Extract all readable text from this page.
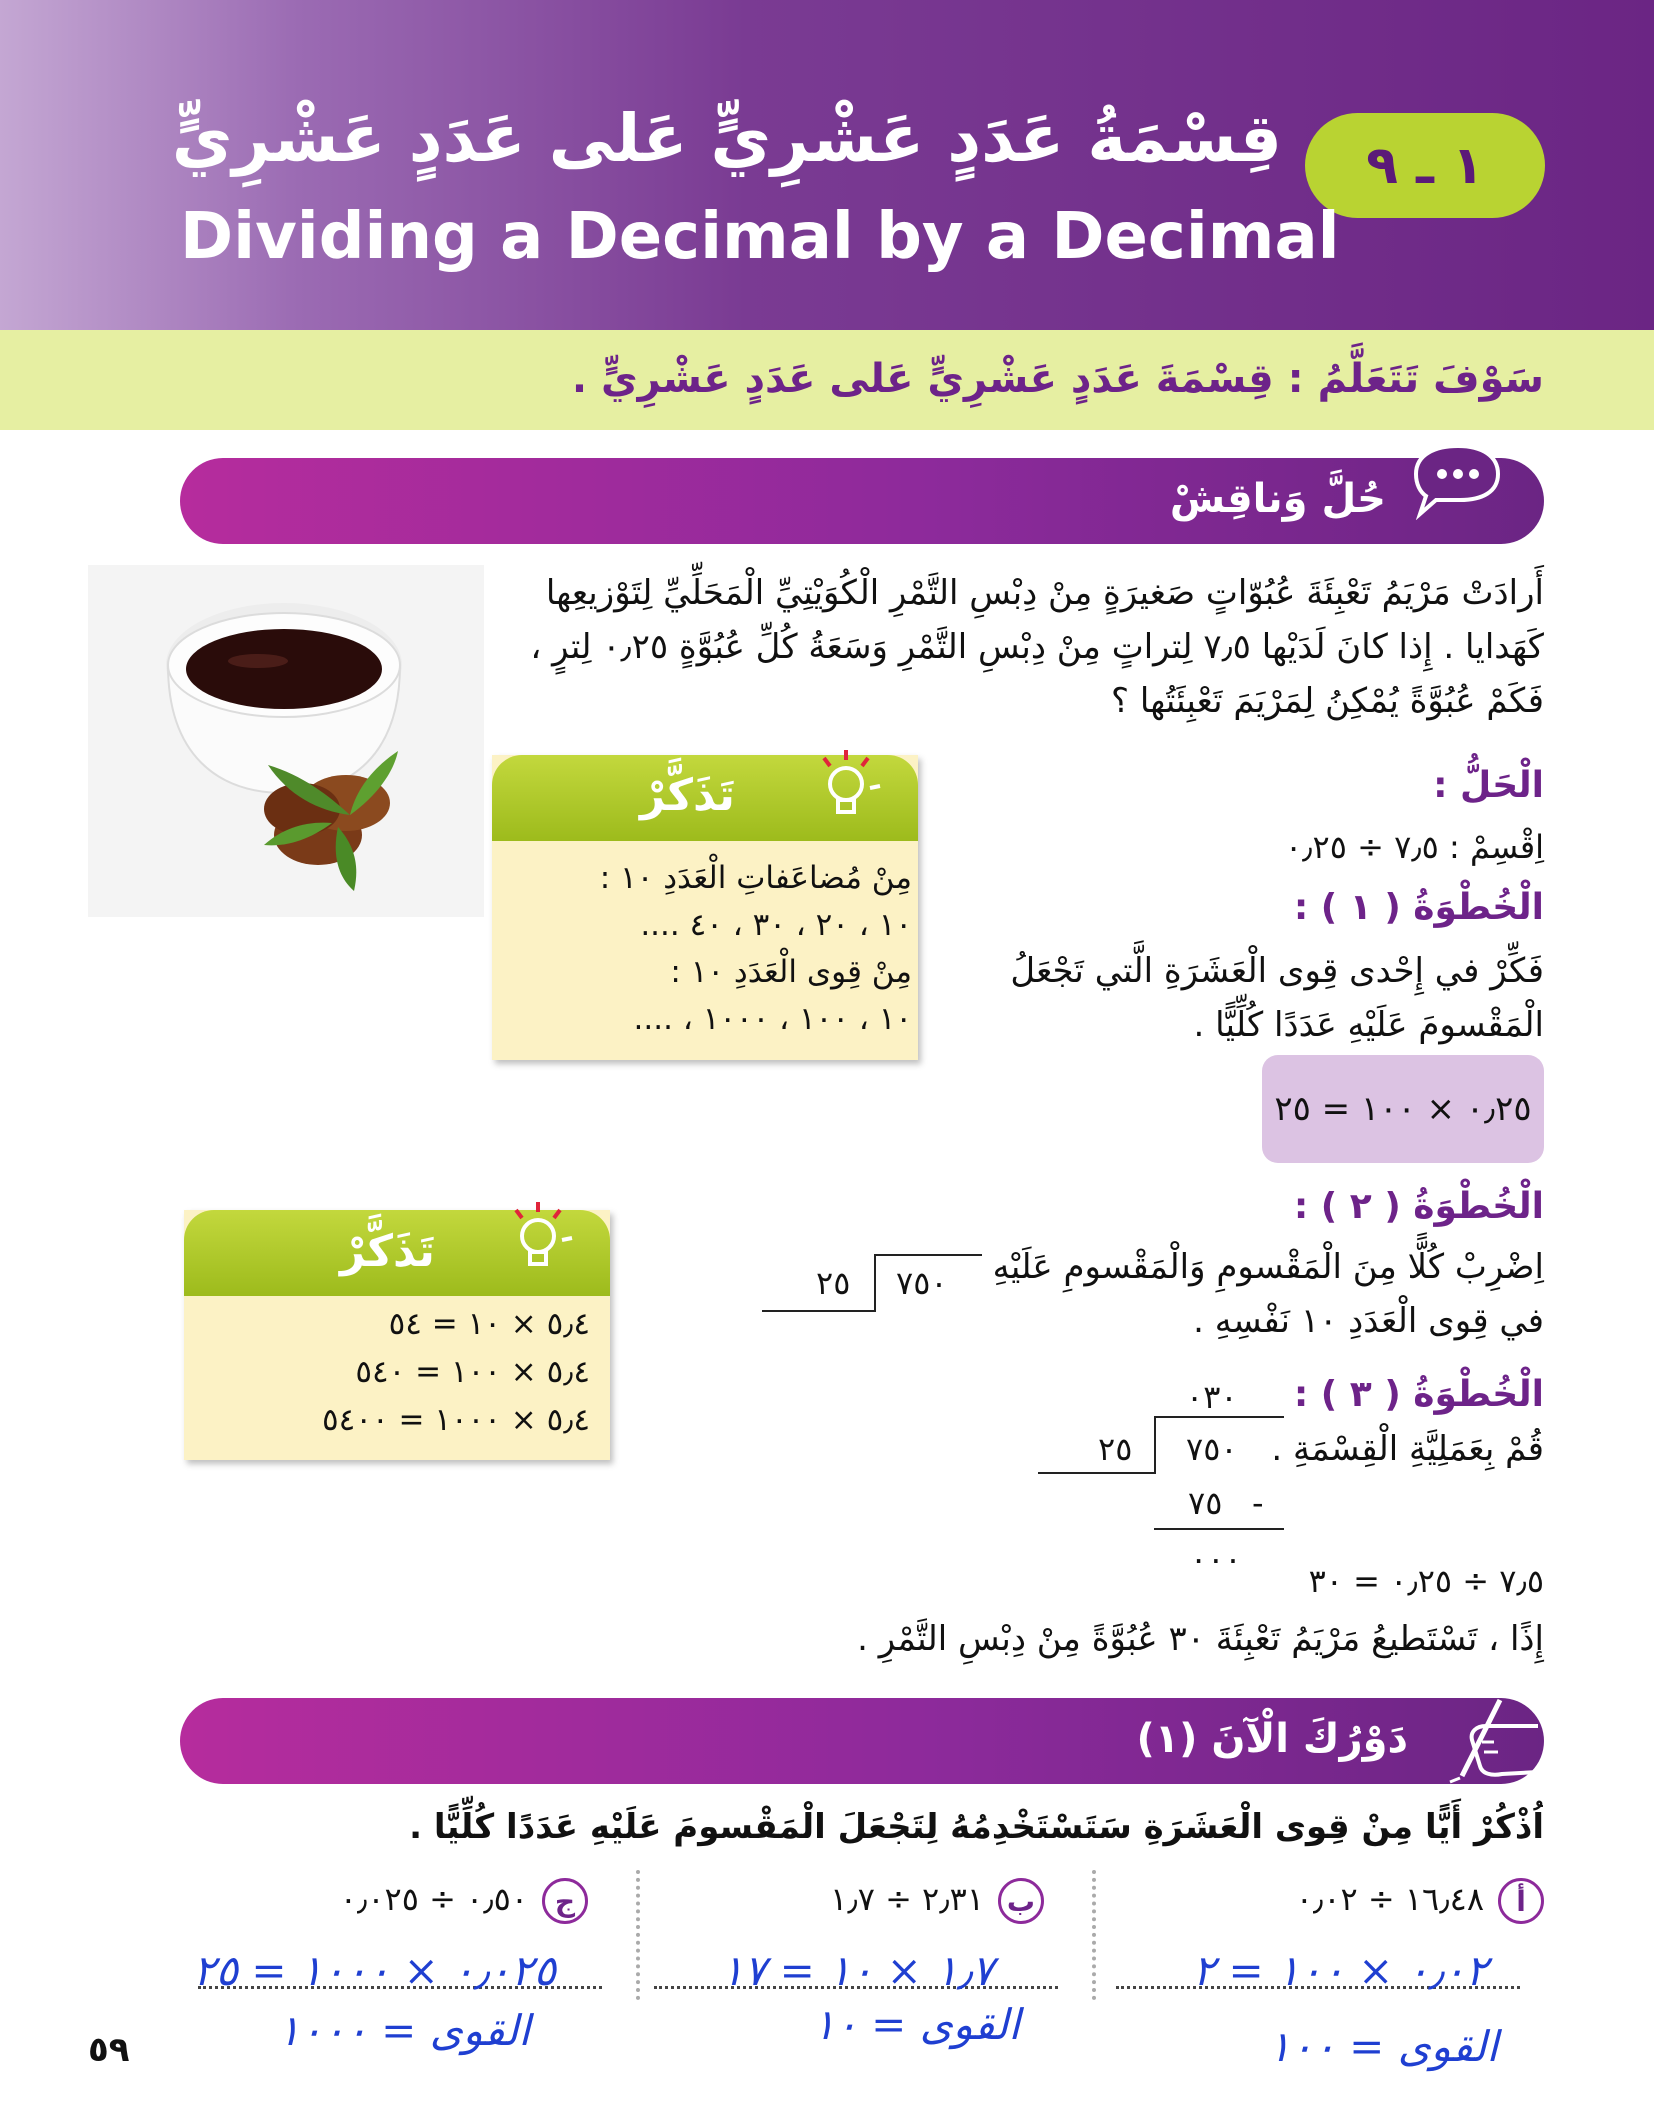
١ ـ ٩
قِسْمَةُ عَدَدٍ عَشْرِيٍّ عَلى عَدَدٍ عَشْرِيٍّ
Dividing a Decimal by a Decimal
سَوْفَ تَتَعَلَّمُ : قِسْمَةَ عَدَدٍ عَشْرِيٍّ عَلى عَدَدٍ عَشْرِيٍّ .
حُلَّ وَناقِشْ
أَرادَتْ مَرْيَمُ تَعْبِئَةَ عُبُوّاتٍ صَغيرَةٍ مِنْ دِبْسِ التَّمْرِ الْكُوَيْتِيِّ الْمَحَلِّيِّ لِتَوْزيعِها
كَهَدايا . إِذا كانَ لَدَيْها ٧٫٥ لِتراتٍ مِنْ دِبْسِ التَّمْرِ وَسَعَةُ كُلِّ عُبُوَّةٍ ٠٫٢٥ لِترٍ ،
فَكَمْ عُبُوَّةً يُمْكِنُ لِمَرْيَمَ تَعْبِئَتُها ؟
الْحَلُّ :
اِقْسِمْ : ٧٫٥ ÷ ٠٫٢٥
الْخُطْوَةُ ( ١ ) :
فَكِّرْ في إِحْدى قِوى الْعَشَرَةِ الَّتي تَجْعَلُ
الْمَقْسومَ عَلَيْهِ عَدَدًا كُلِّيًّا .
٠٫٢٥ × ١٠٠ = ٢٥
الْخُطْوَةُ ( ٢ ) :
اِضْرِبْ كُلًّا مِنَ الْمَقْسومِ وَالْمَقْسومِ عَلَيْهِ
في قِوى الْعَدَدِ ١٠ نَفْسِهِ .
٧٥٠
٢٥
الْخُطْوَةُ ( ٣ ) :
قُمْ بِعَمَلِيَّةِ الْقِسْمَةِ .
٠٣٠
٧٥٠
٢٥
٧٥ -
٠٠٠
٧٫٥ ÷ ٠٫٢٥ = ٣٠
إِذًا ، تَسْتَطيعُ مَرْيَمُ تَعْبِئَةَ ٣٠ عُبُوَّةً مِنْ دِبْسِ التَّمْرِ .
تَذَكَّرْ
مِنْ مُضاعَفاتِ الْعَدَدِ ١٠ :
١٠ ، ٢٠ ، ٣٠ ، ٤٠ ....
مِنْ قِوى الْعَدَدِ ١٠ :
١٠ ، ١٠٠ ، ١٠٠٠ ، ....
تَذَكَّرْ
٥٫٤ × ١٠ = ٥٤
٥٫٤ × ١٠٠ = ٥٤٠
٥٫٤ × ١٠٠٠ = ٥٤٠٠
دَوْرُكَ الْآنَ (١)
اُذْكُرْ أَيًّا مِنْ قِوى الْعَشَرَةِ سَتَسْتَخْدِمُهُ لِتَجْعَلَ الْمَقْسومَ عَلَيْهِ عَدَدًا كُلِّيًّا .
أ
١٦٫٤٨ ÷ ٠٫٠٢
٠٫٠٢ × ١٠٠ = ٢
القوى = ١٠٠
ب
٢٫٣١ ÷ ١٫٧
١٫٧ × ١٠ = ١٧
القوى = ١٠
ج
٠٫٥٠ ÷ ٠٫٠٢٥
٠٫٠٢٥ × ١٠٠٠ = ٢٥
القوى = ١٠٠٠
٥٩
